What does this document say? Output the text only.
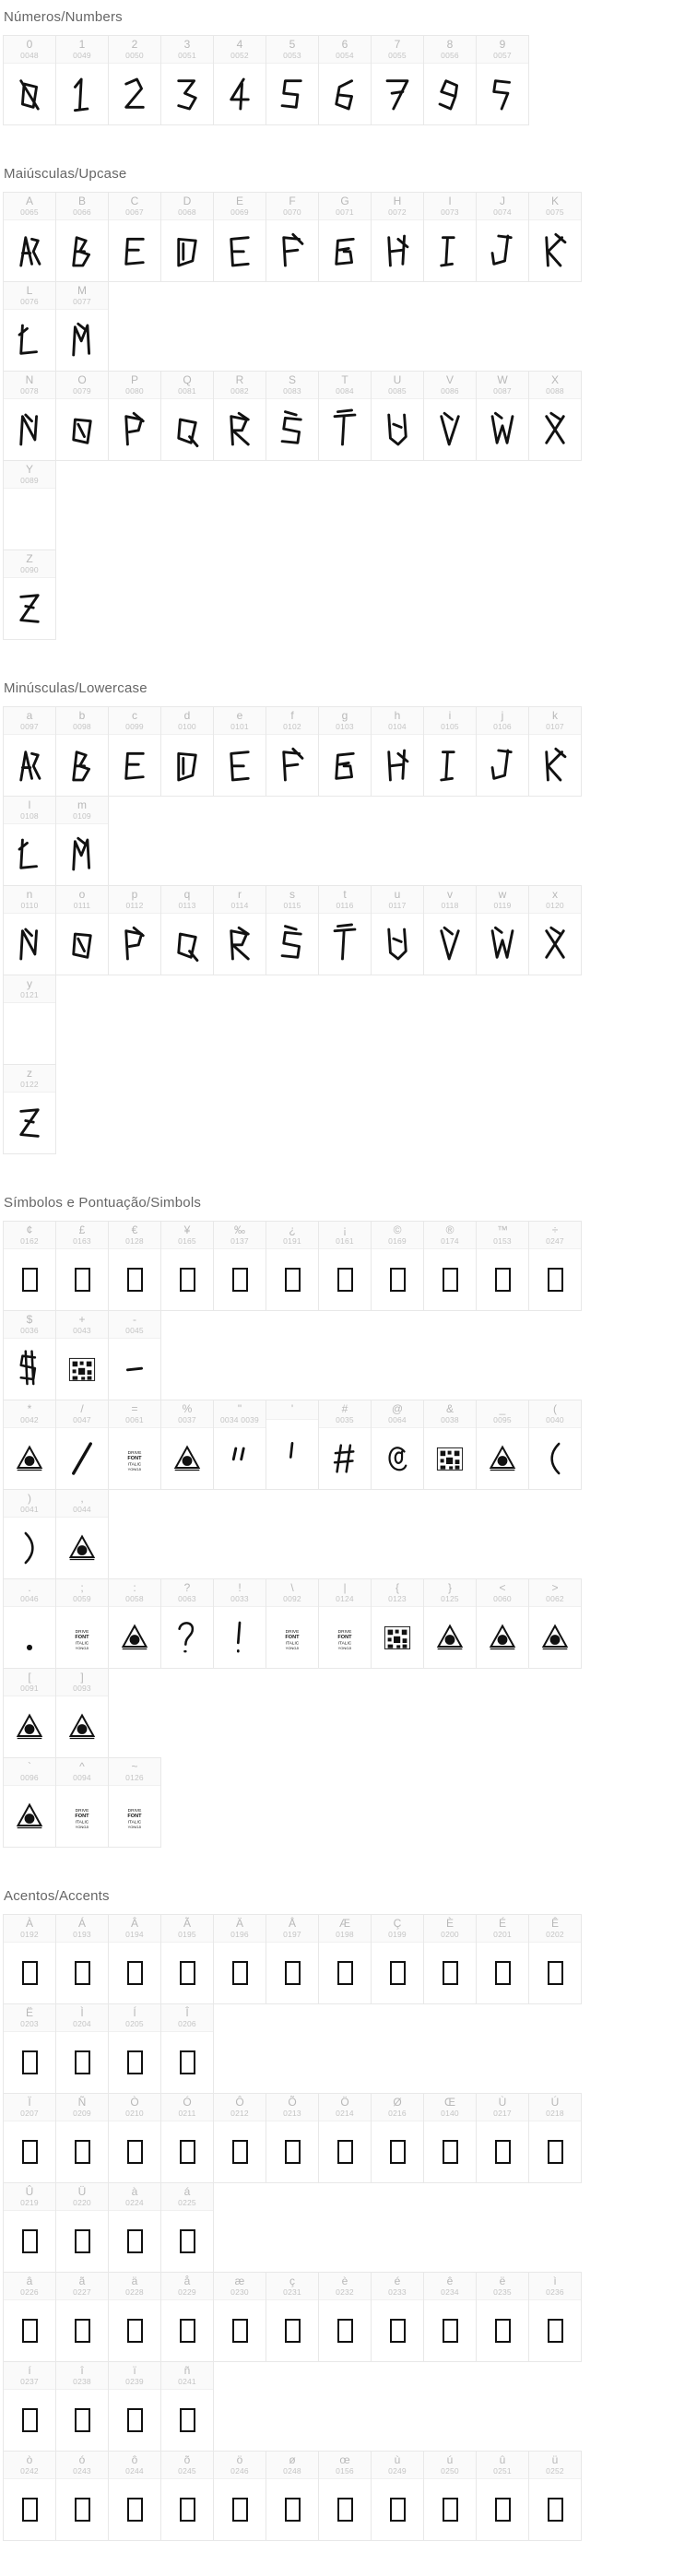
Números/Numbers
0
0048
1
0049
2
0050
3
0051
4
0052
5
0053
6
0054
7
0055
8
0056
9
0057
Maiúsculas/Upcase
A
0065
B
0066
C
0067
D
0068
E
0069
F
0070
G
0071
H
0072
I
0073
J
0074
K
0075
L
0076
M
0077
N
0078
O
0079
P
0080
Q
0081
R
0082
S
0083
T
0084
U
0085
V
0086
W
0087
X
0088
Y
0089
Z
0090
Minúsculas/Lowercase
a
0097
b
0098
c
0099
d
0100
e
0101
f
0102
g
0103
h
0104
i
0105
j
0106
k
0107
l
0108
m
0109
n
0110
o
0111
p
0112
q
0113
r
0114
s
0115
t
0116
u
0117
v
0118
w
0119
x
0120
y
0121
z
0122
Símbolos e Pontuação/Simbols
¢
0162
£
0163
€
0128
¥
0165
‰
0137
¿
0191
¡
0161
©
0169
®
0174
™
0153
÷
0247
$
0036
+
0043
-
0045
*
0042
/
0047
=
0061
DRIVE
FONT
ITALIC
YONGJI
%
0037
"
0034 0039
'	#
0035
@
0064
&
0038
_
0095
(
0040
)
0041
,
0044
.
0046
;
0059
DRIVE
FONT
ITALIC
YONGJI
:
0058
?
0063
!
0033
\
0092
DRIVE
FONT
ITALIC
YONGJI
|
0124
DRIVE
FONT
ITALIC
YONGJI
{
0123
}
0125
<
0060
>
0062
[
0091
]
0093
`
0096
^
0094
DRIVE
FONT
ITALIC
YONGJI
~
0126
DRIVE
FONT
ITALIC
YONGJI
Acentos/Accents
À
0192
Á
0193
Â
0194
Ã
0195
Ä
0196
Å
0197
Æ
0198
Ç
0199
È
0200
É
0201
Ê
0202
Ë
0203
Ì
0204
Í
0205
Î
0206
Ï
0207
Ñ
0209
Ò
0210
Ó
0211
Ô
0212
Õ
0213
Ö
0214
Ø
0216
Œ
0140
Ù
0217
Ú
0218
Û
0219
Ü
0220
à
0224
á
0225
â
0226
ã
0227
ä
0228
å
0229
æ
0230
ç
0231
è
0232
é
0233
ê
0234
ë
0235
ì
0236
í
0237
î
0238
ï
0239
ñ
0241
ò
0242
ó
0243
ô
0244
õ
0245
ö
0246
ø
0248
œ
0156
ù
0249
ú
0250
û
0251
ü
0252
